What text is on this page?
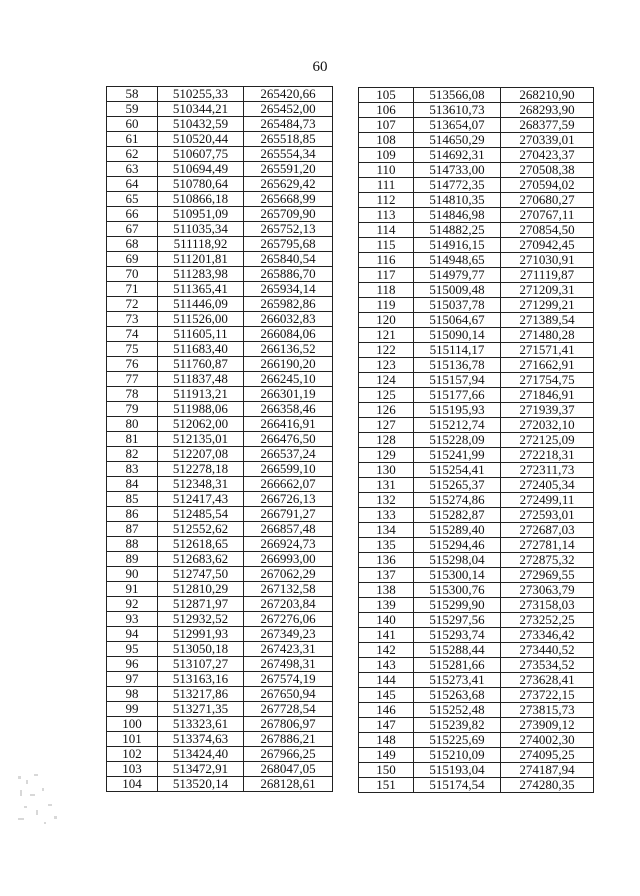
60
58	510255,33	265420,66
59	510344,21	265452,00
60	510432,59	265484,73
61	510520,44	265518,85
62	510607,75	265554,34
63	510694,49	265591,20
64	510780,64	265629,42
65	510866,18	265668,99
66	510951,09	265709,90
67	511035,34	265752,13
68	511118,92	265795,68
69	511201,81	265840,54
70	511283,98	265886,70
71	511365,41	265934,14
72	511446,09	265982,86
73	511526,00	266032,83
74	511605,11	266084,06
75	511683,40	266136,52
76	511760,87	266190,20
77	511837,48	266245,10
78	511913,21	266301,19
79	511988,06	266358,46
80	512062,00	266416,91
81	512135,01	266476,50
82	512207,08	266537,24
83	512278,18	266599,10
84	512348,31	266662,07
85	512417,43	266726,13
86	512485,54	266791,27
87	512552,62	266857,48
88	512618,65	266924,73
89	512683,62	266993,00
90	512747,50	267062,29
91	512810,29	267132,58
92	512871,97	267203,84
93	512932,52	267276,06
94	512991,93	267349,23
95	513050,18	267423,31
96	513107,27	267498,31
97	513163,16	267574,19
98	513217,86	267650,94
99	513271,35	267728,54
100	513323,61	267806,97
101	513374,63	267886,21
102	513424,40	267966,25
103	513472,91	268047,05
104	513520,14	268128,61
105	513566,08	268210,90
106	513610,73	268293,90
107	513654,07	268377,59
108	514650,29	270339,01
109	514692,31	270423,37
110	514733,00	270508,38
111	514772,35	270594,02
112	514810,35	270680,27
113	514846,98	270767,11
114	514882,25	270854,50
115	514916,15	270942,45
116	514948,65	271030,91
117	514979,77	271119,87
118	515009,48	271209,31
119	515037,78	271299,21
120	515064,67	271389,54
121	515090,14	271480,28
122	515114,17	271571,41
123	515136,78	271662,91
124	515157,94	271754,75
125	515177,66	271846,91
126	515195,93	271939,37
127	515212,74	272032,10
128	515228,09	272125,09
129	515241,99	272218,31
130	515254,41	272311,73
131	515265,37	272405,34
132	515274,86	272499,11
133	515282,87	272593,01
134	515289,40	272687,03
135	515294,46	272781,14
136	515298,04	272875,32
137	515300,14	272969,55
138	515300,76	273063,79
139	515299,90	273158,03
140	515297,56	273252,25
141	515293,74	273346,42
142	515288,44	273440,52
143	515281,66	273534,52
144	515273,41	273628,41
145	515263,68	273722,15
146	515252,48	273815,73
147	515239,82	273909,12
148	515225,69	274002,30
149	515210,09	274095,25
150	515193,04	274187,94
151	515174,54	274280,35
